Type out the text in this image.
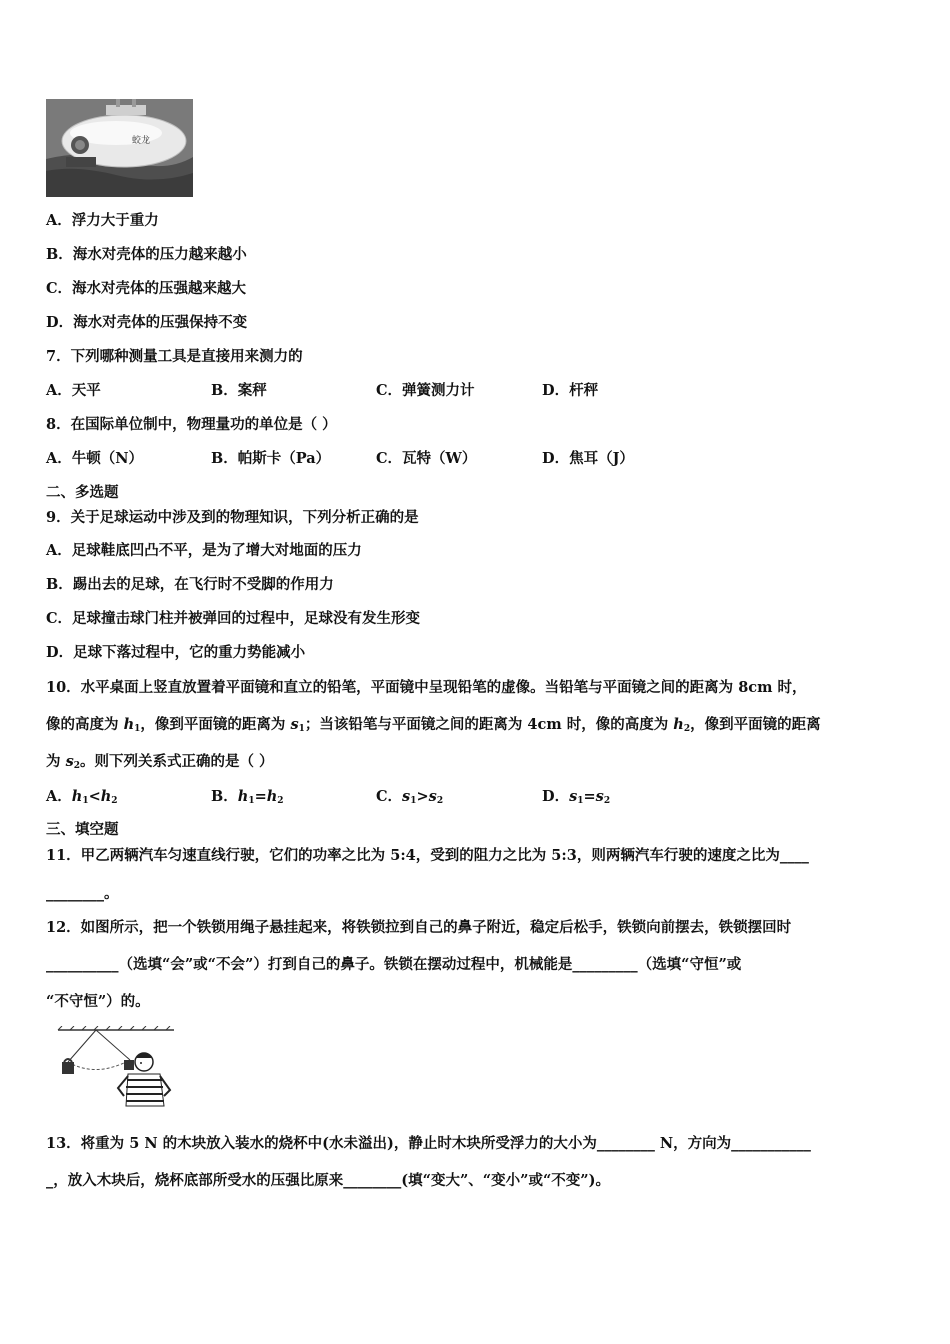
蛟龙
A．浮力大于重力
B．海水对壳体的压力越来越小
C．海水对壳体的压强越来越大
D．海水对壳体的压强保持不变
7．下列哪种测量工具是直接用来测力的
A．天平	B．案秤	C．弹簧测力计	D．杆秤
8．在国际单位制中，物理量功的单位是（ ）
A．牛顿（N）	B．帕斯卡（Pa）	C．瓦特（W）	D．焦耳（J）
二、多选题
9．关于足球运动中涉及到的物理知识，下列分析正确的是
A．足球鞋底凹凸不平，是为了增大对地面的压力
B．踢出去的足球，在飞行时不受脚的作用力
C．足球撞击球门柱并被弹回的过程中，足球没有发生形变
D．足球下落过程中，它的重力势能减小
10．水平桌面上竖直放置着平面镜和直立的铅笔，平面镜中呈现铅笔的虚像。当铅笔与平面镜之间的距离为 8cm 时，
像的高度为 $h_1$，像到平面镜的距离为 $s_1$；当该铅笔与平面镜之间的距离为 4cm 时，像的高度为 $h_2$，像到平面镜的距离
为 $s_2$。则下列关系式正确的是（ ）
A．$h_1<h_2$	B．$h_1=h_2$	C．$s_1>s_2$	D．$s_1=s_2$
三、填空题
11．甲乙两辆汽车匀速直线行驶，它们的功率之比为 5:4，受到的阻力之比为 5:3，则两辆汽车行驶的速度之比为____
________。
12．如图所示，把一个铁锁用绳子悬挂起来，将铁锁拉到自己的鼻子附近，稳定后松手，铁锁向前摆去，铁锁摆回时
__________（选填“会”或“不会”）打到自己的鼻子。铁锁在摆动过程中，机械能是_________（选填“守恒”或
“不守恒”）的。
13．将重为 5 N 的木块放入装水的烧杯中(水未溢出)，静止时木块所受浮力的大小为________ N，方向为___________
_，放入木块后，烧杯底部所受水的压强比原来________(填“变大”、“变小”或“不变”)。
